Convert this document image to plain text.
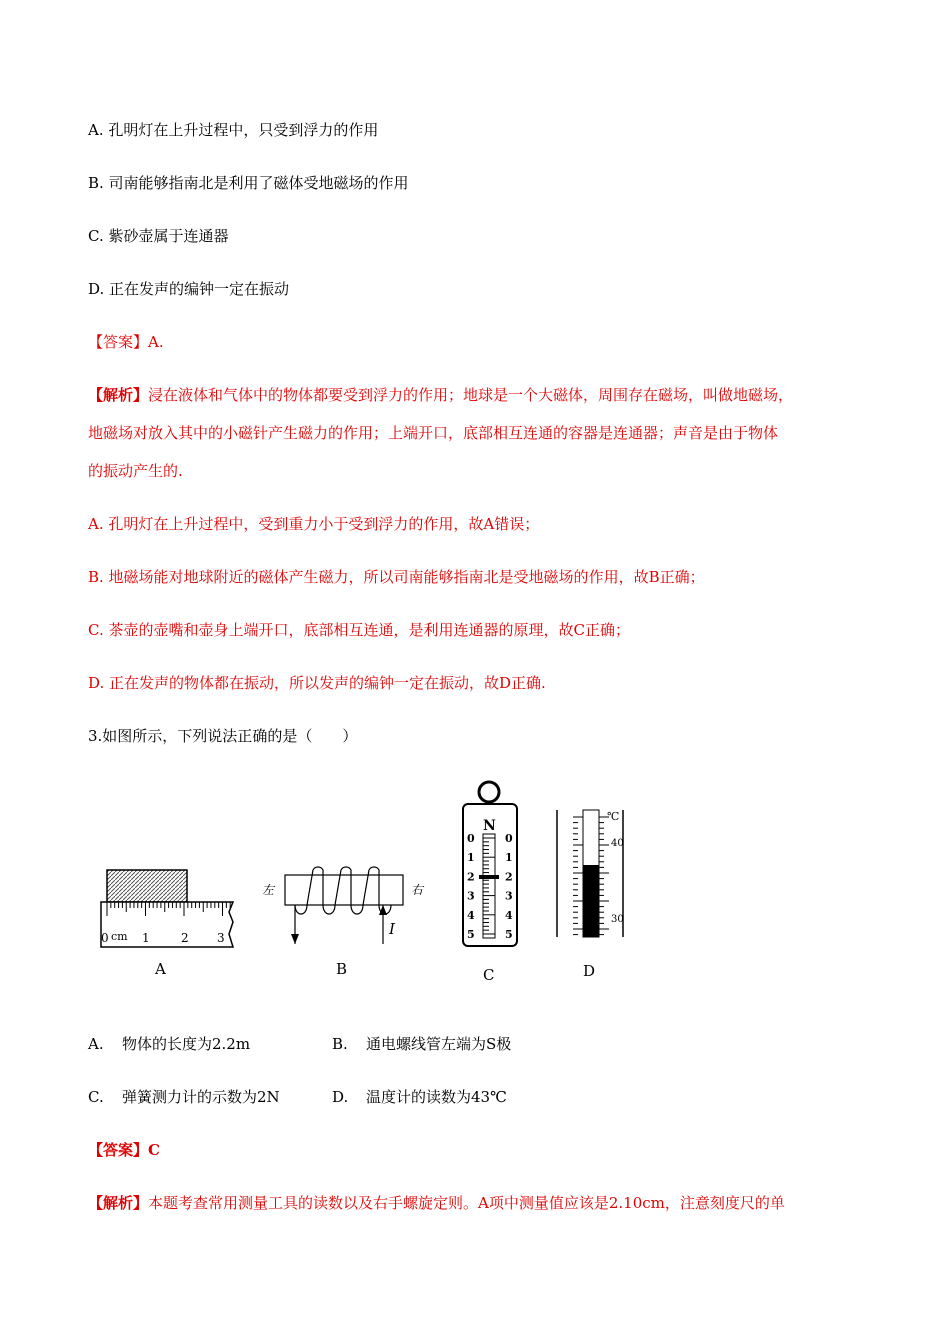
A. 孔明灯在上升过程中，只受到浮力的作用
B. 司南能够指南北是利用了磁体受地磁场的作用
C. 紫砂壶属于连通器
D. 正在发声的编钟一定在振动
【答案】A.
【解析】浸在液体和气体中的物体都要受到浮力的作用；地球是一个大磁体，周围存在磁场，叫做地磁场，
地磁场对放入其中的小磁针产生磁力的作用；上端开口，底部相互连通的容器是连通器；声音是由于物体
的振动产生的.
A. 孔明灯在上升过程中，受到重力小于受到浮力的作用，故A错误；
B. 地磁场能对地球附近的磁体产生磁力，所以司南能够指南北是受地磁场的作用，故B正确；
C. 茶壶的壶嘴和壶身上端开口，底部相互连通，是利用连通器的原理，故C正确；
D. 正在发声的物体都在振动，所以发声的编钟一定在振动，故D正确.
3.如图所示，下列说法正确的是（　　）
0 cm 1	2 3
左	右
I
N
0	0
1	1
2	2
3	3
4	4
5	5
℃
40
30
A	B	C	D
A. 物体的长度为2.2m	B. 通电螺线管左端为S极
C. 弹簧测力计的示数为2N	D. 温度计的读数为43℃
【答案】C
【解析】本题考查常用测量工具的读数以及右手螺旋定则。A项中测量值应该是2.10cm，注意刻度尺的单
